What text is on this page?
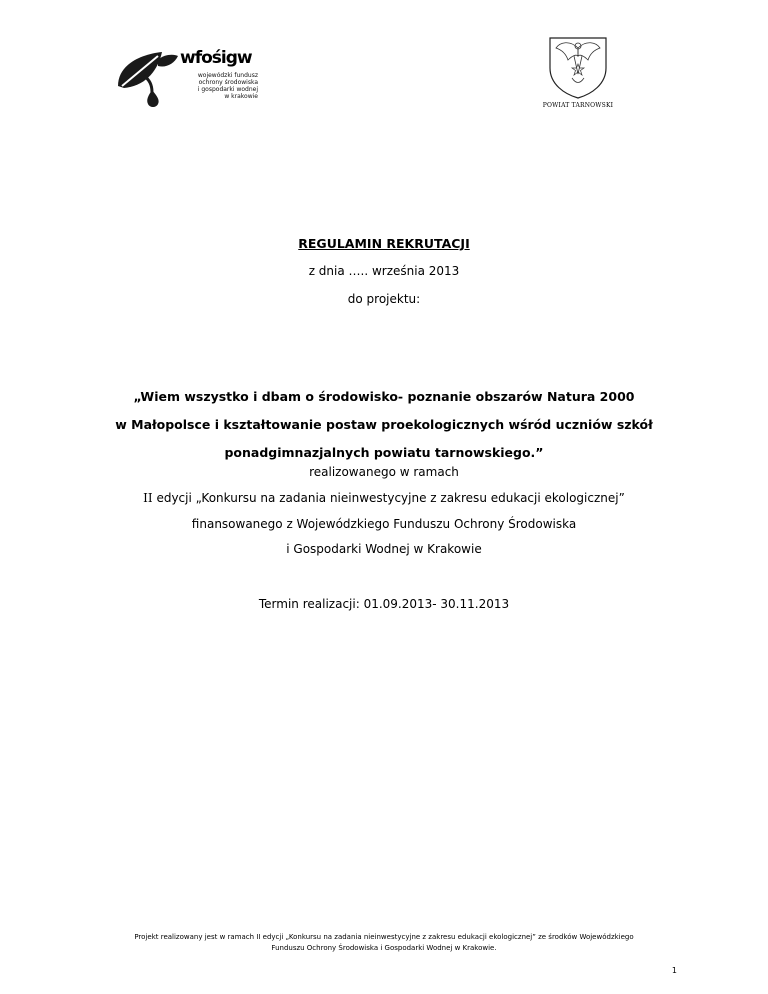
wfośigw
wojewódzki fundusz
ochrony środowiska
i gospodarki wodnej
w krakowie
POWIAT TARNOWSKI
REGULAMIN REKRUTACJI
z dnia ….. września 2013
do projektu:
„Wiem wszystko i dbam o środowisko- poznanie obszarów Natura 2000
w Małopolsce i kształtowanie postaw proekologicznych wśród uczniów szkół
ponadgimnazjalnych powiatu tarnowskiego.”
realizowanego w ramach
II edycji „Konkursu na zadania nieinwestycyjne z zakresu edukacji ekologicznej”
finansowanego z Wojewódzkiego Funduszu Ochrony Środowiska
i Gospodarki Wodnej w Krakowie
Termin realizacji: 01.09.2013- 30.11.2013
Projekt realizowany jest w ramach II edycji „Konkursu na zadania nieinwestycyjne z zakresu edukacji ekologicznej” ze środków Wojewódzkiego
Funduszu Ochrony Środowiska i Gospodarki Wodnej w Krakowie.
1
